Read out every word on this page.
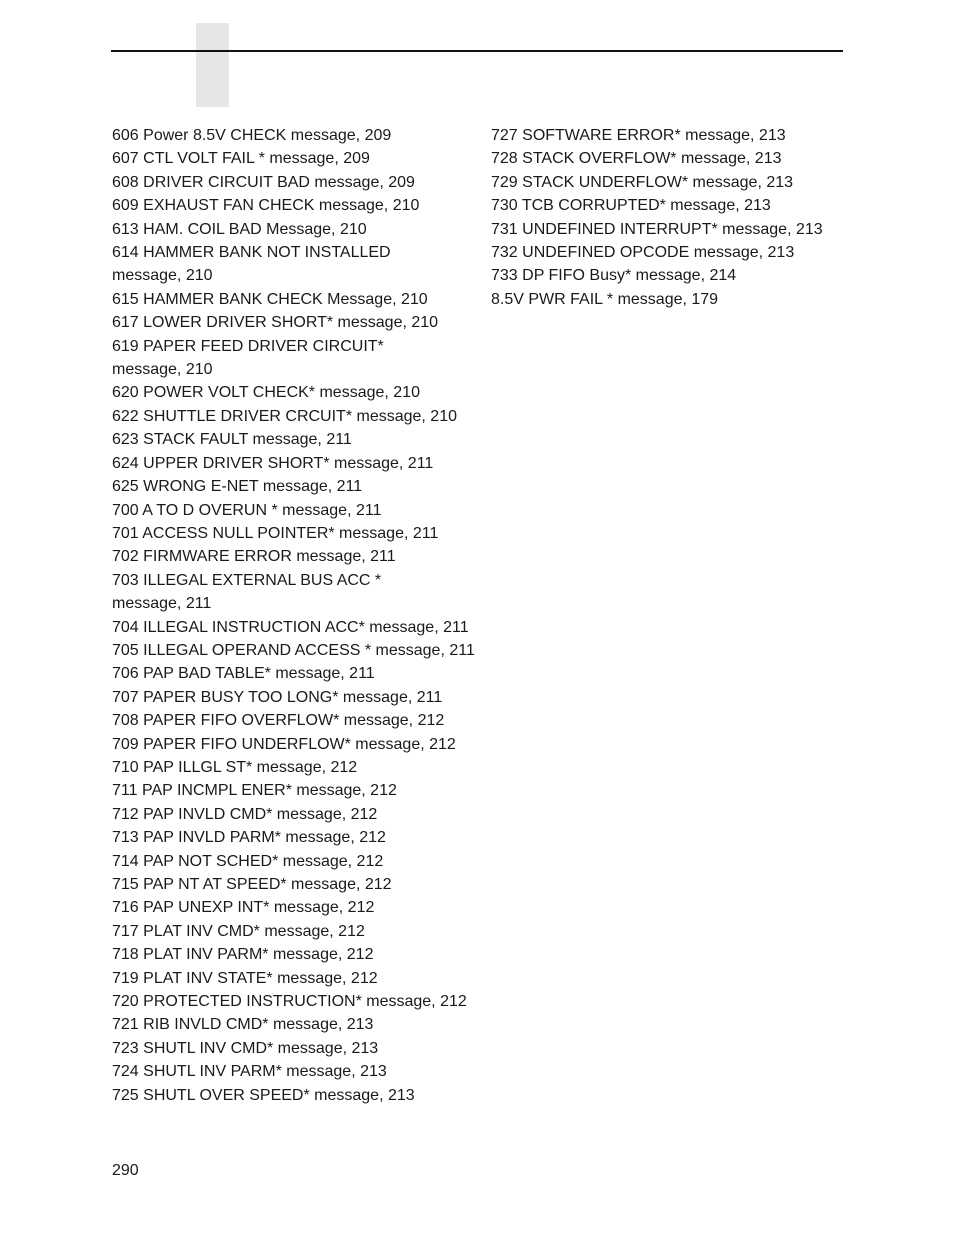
606 Power 8.5V CHECK message, 209

607 CTL VOLT FAIL * message, 209

608 DRIVER CIRCUIT BAD message, 209

609 EXHAUST FAN CHECK message, 210

613 HAM. COIL BAD Message, 210

614 HAMMER BANK NOT INSTALLED

message, 210

615 HAMMER BANK CHECK Message, 210

617 LOWER DRIVER SHORT* message, 210

619 PAPER FEED DRIVER CIRCUIT*

message, 210

620 POWER VOLT CHECK* message, 210

622 SHUTTLE DRIVER CRCUIT* message, 210

623 STACK FAULT message, 211

624 UPPER DRIVER SHORT* message, 211

625 WRONG E-NET message, 211

700 A TO D OVERUN * message, 211

701 ACCESS NULL POINTER* message, 211

702 FIRMWARE ERROR message, 211

703 ILLEGAL EXTERNAL BUS ACC *

message, 211

704 ILLEGAL INSTRUCTION ACC* message, 211

705 ILLEGAL OPERAND ACCESS * message, 211

706 PAP BAD TABLE* message, 211

707 PAPER BUSY TOO LONG* message, 211

708 PAPER FIFO OVERFLOW* message, 212

709 PAPER FIFO UNDERFLOW* message, 212

710 PAP ILLGL ST* message, 212

711 PAP INCMPL ENER* message, 212

712 PAP INVLD CMD* message, 212

713 PAP INVLD PARM* message, 212

714 PAP NOT SCHED* message, 212

715 PAP NT AT SPEED* message, 212

716 PAP UNEXP INT* message, 212

717 PLAT INV CMD* message, 212

718 PLAT INV PARM* message, 212

719 PLAT INV STATE* message, 212

720 PROTECTED INSTRUCTION* message, 212

721 RIB INVLD CMD* message, 213

723 SHUTL INV CMD* message, 213

724 SHUTL INV PARM* message, 213

725 SHUTL OVER SPEED* message, 213

727 SOFTWARE ERROR* message, 213

728 STACK OVERFLOW* message, 213

729 STACK UNDERFLOW* message, 213

730 TCB CORRUPTED* message, 213

731 UNDEFINED INTERRUPT* message, 213

732 UNDEFINED OPCODE message, 213

733 DP FIFO Busy* message, 214

8.5V PWR FAIL * message, 179

290
